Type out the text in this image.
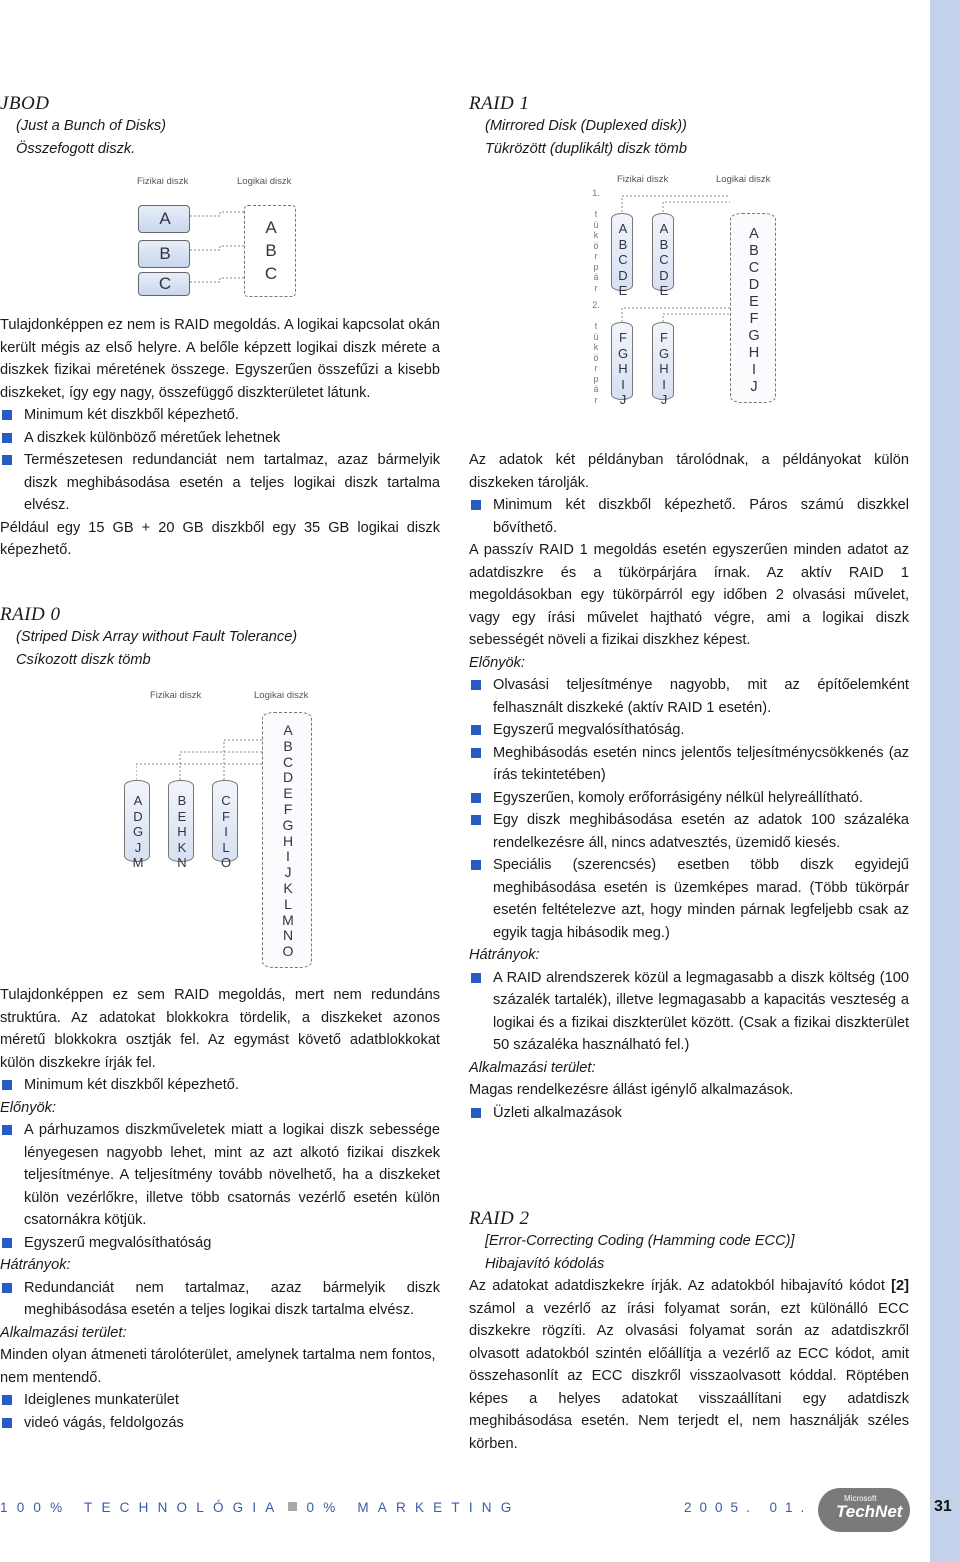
JBOD
(Just a Bunch of Disks)
Összefogott diszk.
Fizikai diszk	Logikai diszk
A
B
C
A
B
C

Tulajdonképpen ez nem is RAID megoldás. A logikai kapcsolat okán került mégis az első helyre. A belőle képzett logikai diszk mérete a diszkek fizikai méretének összege. Egyszerűen összefűzi a kisebb diszkeket, így egy nagy, összefüggő diszkterületet látunk.

Minimum két diszkből képezhető.
A diszkek különböző méretűek lehetnek
Természetesen redundanciát nem tartalmaz, azaz bármelyik diszk meghibásodása esetén a teljes logikai diszk tartalma elvész.

Például egy 15 GB + 20 GB diszkből egy 35 GB logikai diszk képezhető.

RAID 0
(Striped Disk Array without Fault Tolerance)
Csíkozott diszk tömb
Fizikai diszk	Logikai diszk
A
D
G
J
M
B
E
H
K
N
C
F
I
L
O
A
B
C
D
E
F
G
H
I
J
K
L
M
N
O

Tulajdonképpen ez sem RAID megoldás, mert nem redundáns struktúra. Az adatokat blokkokra tördelik, a diszkeket azonos méretű blokkokra osztják fel. Az egymást követő adatblokkokat külön diszkekre írják fel.

Minimum két diszkből képezhető.
Előnyök:
A párhuzamos diszkműveletek miatt a logikai diszk sebessége lényegesen nagyobb lehet, mint az azt alkotó fizikai diszkek teljesítménye. A teljesítmény tovább növelhető, ha a diszkeket külön vezérlőkre, illetve több csatornás vezérlő esetén külön csatornákra kötjük.
Egyszerű megvalósíthatóság
Hátrányok:
Redundanciát nem tartalmaz, azaz bármelyik diszk meghibásodása esetén a teljes logikai diszk tartalma elvész.
Alkalmazási terület:

Minden olyan átmeneti tárolóterület, amelynek tartalma nem fontos, nem mentendő.

Ideiglenes munkaterület
videó vágás, feldolgozás
RAID 1
(Mirrored Disk (Duplexed disk))
Tükrözött (duplikált) diszk tömb
Fizikai diszk	Logikai diszk
1.

t
ü
k
ö
r
p
á
r
2.

t
ü
k
ö
r
p
á
r
A
B
C
D
E
A
B
C
D
E
F
G
H
I
J
F
G
H
I
J
A
B
C
D
E
F
G
H
I
J

Az adatok két példányban tárolódnak, a példányokat külön diszkeken tárolják.

Minimum két diszkből képezhető. Páros számú diszkkel bővíthető.

A passzív RAID 1 megoldás esetén egyszerűen minden adatot az adatdiszkre és a tükörpárjára írnak. Az aktív RAID 1 megoldásokban egy tükörpárról egy időben 2 olvasási művelet, vagy egy írási művelet hajtható végre, ami a logikai diszk sebességét növeli a fizikai diszkhez képest.

Előnyök:
Olvasási teljesítménye nagyobb, mit az építőelemként felhasznált diszkeké (aktív RAID 1 esetén).
Egyszerű megvalósíthatóság.
Meghibásodás esetén nincs jelentős teljesítménycsökkenés (az írás tekintetében)
Egyszerűen, komoly erőforrásigény nélkül helyreállítható.
Egy diszk meghibásodása esetén az adatok 100 százaléka rendelkezésre áll, nincs adatvesztés, üzemidő kiesés.
Speciális (szerencsés) esetben több diszk egyidejű meghibásodása esetén is üzemképes marad. (Több tükörpár esetén feltételezve azt, hogy minden párnak legfeljebb csak az egyik tagja hibásodik meg.)
Hátrányok:
A RAID alrendszerek közül a legmagasabb a diszk költség (100 százalék tartalék), illetve legmagasabb a kapacitás veszteség a logikai és a fizikai diszkterület között. (Csak a fizikai diszkterület 50 százaléka használható fel.)
Alkalmazási terület:

Magas rendelkezésre állást igénylő alkalmazások.

Üzleti alkalmazások
RAID 2
[Error-Correcting Coding (Hamming code ECC)]
Hibajavító kódolás

Az adatokat adatdiszkekre írják. Az adatokból hibajavító kódot [2] számol a vezérlő az írási folyamat során, ezt különálló ECC diszkekre rögzíti. Az olvasási folyamat során az adatdiszkről olvasott adatokból szintén előállítja a vezérlő az ECC kódot, amit összehasonlít az ECC diszkről visszaolvasott kóddal. Röptében képes a helyes adatokat visszaállítani egy adatdiszk meghibásodása esetén. Nem terjedt el, nem használják széles körben.

100% TECHNOLÓGIA 0% MARKETING	2005. 01.
Microsoft
TechNet 31
